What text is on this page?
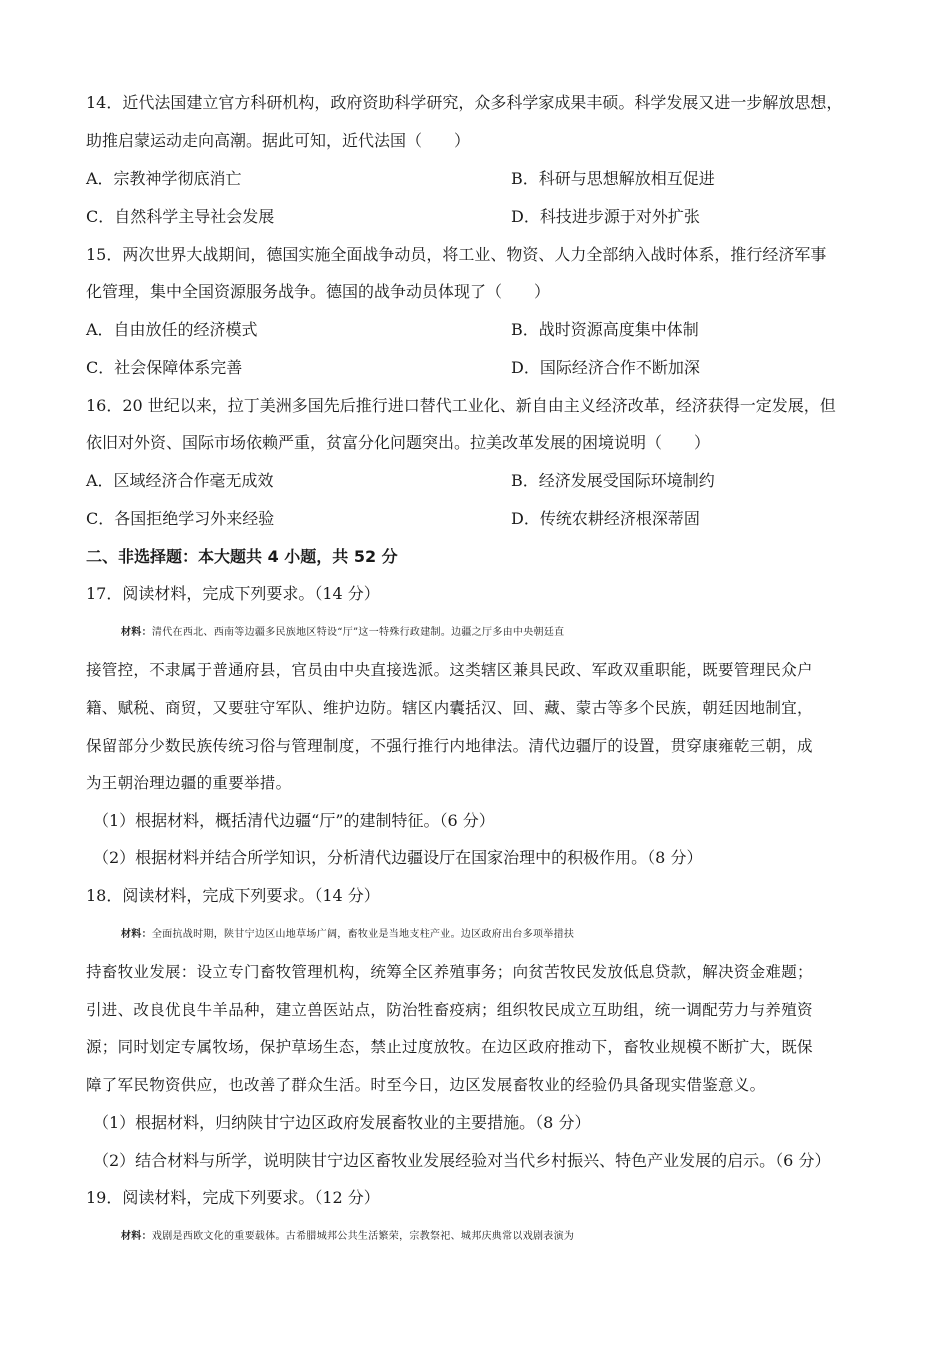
14．近代法国建立官方科研机构，政府资助科学研究，众多科学家成果丰硕。科学发展又进一步解放思想，
助推启蒙运动走向高潮。据此可知，近代法国（　　）
A．宗教神学彻底消亡	B．科研与思想解放相互促进
C．自然科学主导社会发展	D．科技进步源于对外扩张
15．两次世界大战期间，德国实施全面战争动员，将工业、物资、人力全部纳入战时体系，推行经济军事
化管理，集中全国资源服务战争。德国的战争动员体现了（　　）
A．自由放任的经济模式	B．战时资源高度集中体制
C．社会保障体系完善	D．国际经济合作不断加深
16．20 世纪以来，拉丁美洲多国先后推行进口替代工业化、新自由主义经济改革，经济获得一定发展，但
依旧对外资、国际市场依赖严重，贫富分化问题突出。拉美改革发展的困境说明（　　）
A．区域经济合作毫无成效	B．经济发展受国际环境制约
C．各国拒绝学习外来经验	D．传统农耕经济根深蒂固
二、非选择题：本大题共 4 小题，共 52 分
17．阅读材料，完成下列要求。（14 分）
材料：清代在西北、西南等边疆多民族地区特设“厅”这一特殊行政建制。边疆之厅多由中央朝廷直
接管控，不隶属于普通府县，官员由中央直接选派。这类辖区兼具民政、军政双重职能，既要管理民众户
籍、赋税、商贸，又要驻守军队、维护边防。辖区内囊括汉、回、藏、蒙古等多个民族，朝廷因地制宜，
保留部分少数民族传统习俗与管理制度，不强行推行内地律法。清代边疆厅的设置，贯穿康雍乾三朝，成
为王朝治理边疆的重要举措。
（1）根据材料，概括清代边疆“厅”的建制特征。（6 分）
（2）根据材料并结合所学知识，分析清代边疆设厅在国家治理中的积极作用。（8 分）
18．阅读材料，完成下列要求。（14 分）
材料：全面抗战时期，陕甘宁边区山地草场广阔，畜牧业是当地支柱产业。边区政府出台多项举措扶
持畜牧业发展：设立专门畜牧管理机构，统筹全区养殖事务；向贫苦牧民发放低息贷款，解决资金难题；
引进、改良优良牛羊品种，建立兽医站点，防治牲畜疫病；组织牧民成立互助组，统一调配劳力与养殖资
源；同时划定专属牧场，保护草场生态，禁止过度放牧。在边区政府推动下，畜牧业规模不断扩大，既保
障了军民物资供应，也改善了群众生活。时至今日，边区发展畜牧业的经验仍具备现实借鉴意义。
（1）根据材料，归纳陕甘宁边区政府发展畜牧业的主要措施。（8 分）
（2）结合材料与所学，说明陕甘宁边区畜牧业发展经验对当代乡村振兴、特色产业发展的启示。（6 分）
19．阅读材料，完成下列要求。（12 分）
材料：戏剧是西欧文化的重要载体。古希腊城邦公共生活繁荣，宗教祭祀、城邦庆典常以戏剧表演为
